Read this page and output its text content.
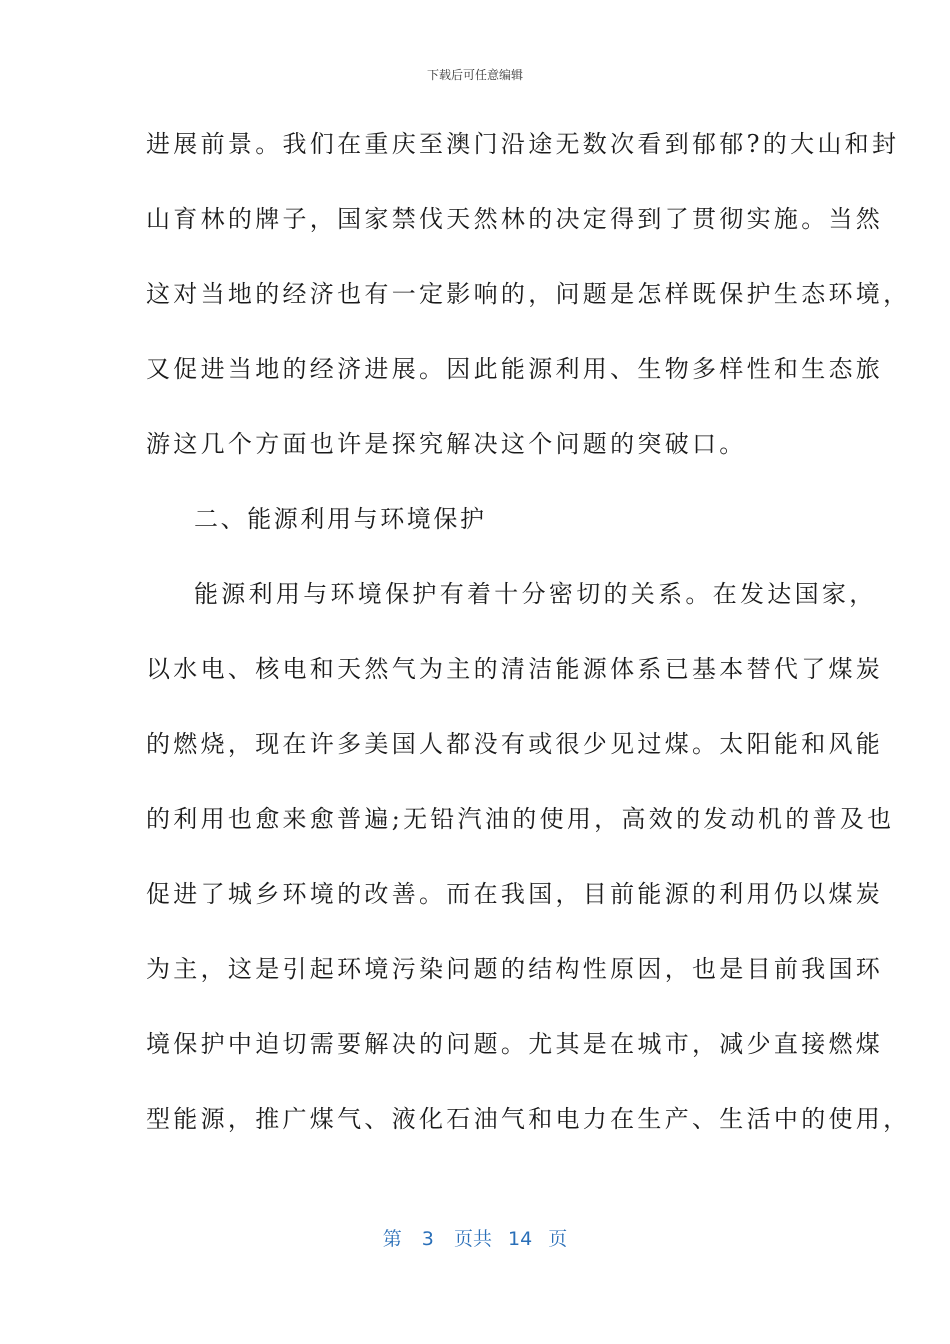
下载后可任意编辑
进展前景。我们在重庆至澳门沿途无数次看到郁郁?的大山和封
山育林的牌子，国家禁伐天然林的决定得到了贯彻实施。当然
这对当地的经济也有一定影响的，问题是怎样既保护生态环境，
又促进当地的经济进展。因此能源利用、生物多样性和生态旅
游这几个方面也许是探究解决这个问题的突破口。
二、能源利用与环境保护
能源利用与环境保护有着十分密切的关系。在发达国家，
以水电、核电和天然气为主的清洁能源体系已基本替代了煤炭
的燃烧，现在许多美国人都没有或很少见过煤。太阳能和风能
的利用也愈来愈普遍;无铅汽油的使用，高效的发动机的普及也
促进了城乡环境的改善。而在我国，目前能源的利用仍以煤炭
为主，这是引起环境污染问题的结构性原因，也是目前我国环
境保护中迫切需要解决的问题。尤其是在城市，减少直接燃煤
型能源，推广煤气、液化石油气和电力在生产、生活中的使用，
第 3 页共 14 页
